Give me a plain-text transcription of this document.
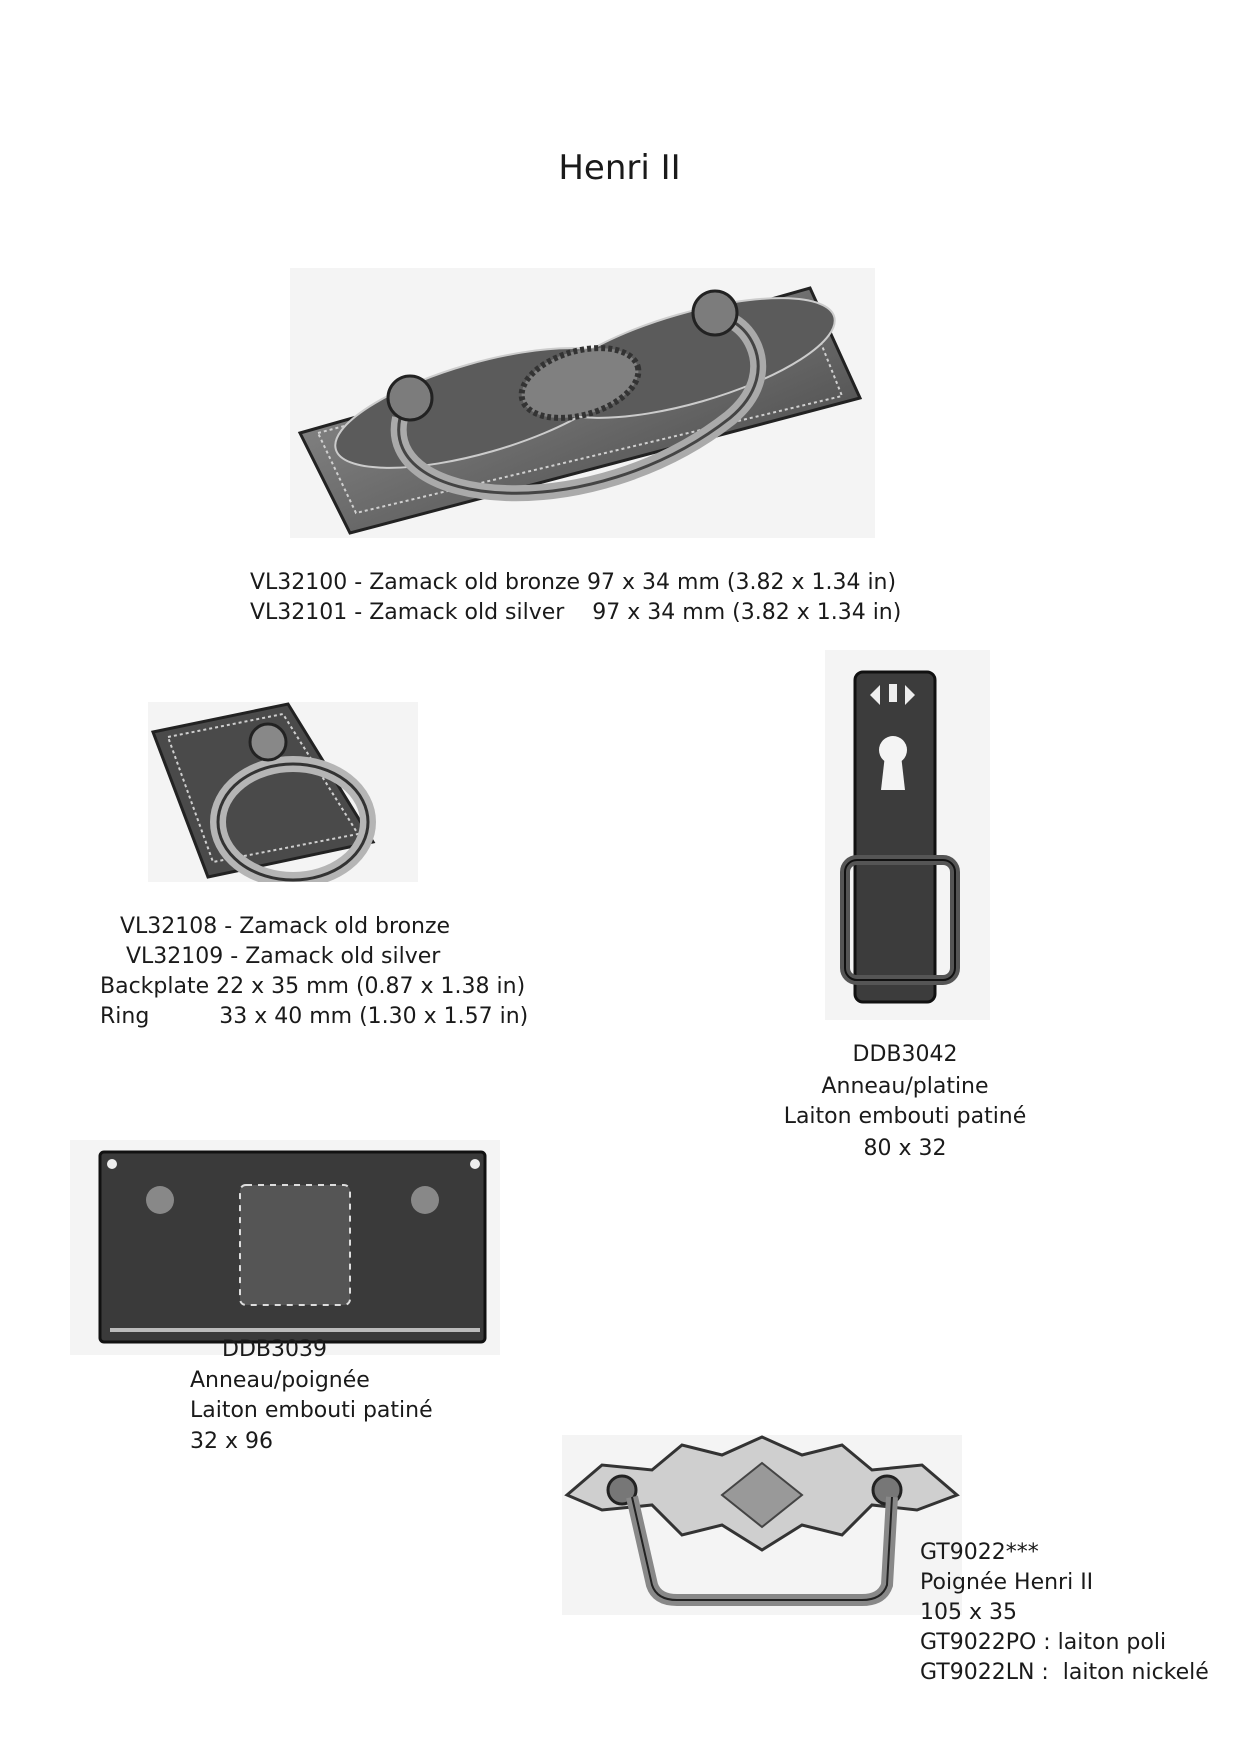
Henri II
VL32100 - Zamack old bronze 97 x 34 mm (3.82 x 1.34 in)
VL32101 - Zamack old silver    97 x 34 mm (3.82 x 1.34 in)
VL32108 - Zamack old bronze
VL32109 - Zamack old silver
Backplate 22 x 35 mm (0.87 x 1.38 in)
Ring          33 x 40 mm (1.30 x 1.57 in)
DDB3042
Anneau/platine
Laiton embouti patiné
80 x 32
DDB3039
Anneau/poignée
Laiton embouti patiné
32 x 96
GT9022***
Poignée Henri II
105 x 35
GT9022PO : laiton poli
GT9022LN :  laiton nickelé
